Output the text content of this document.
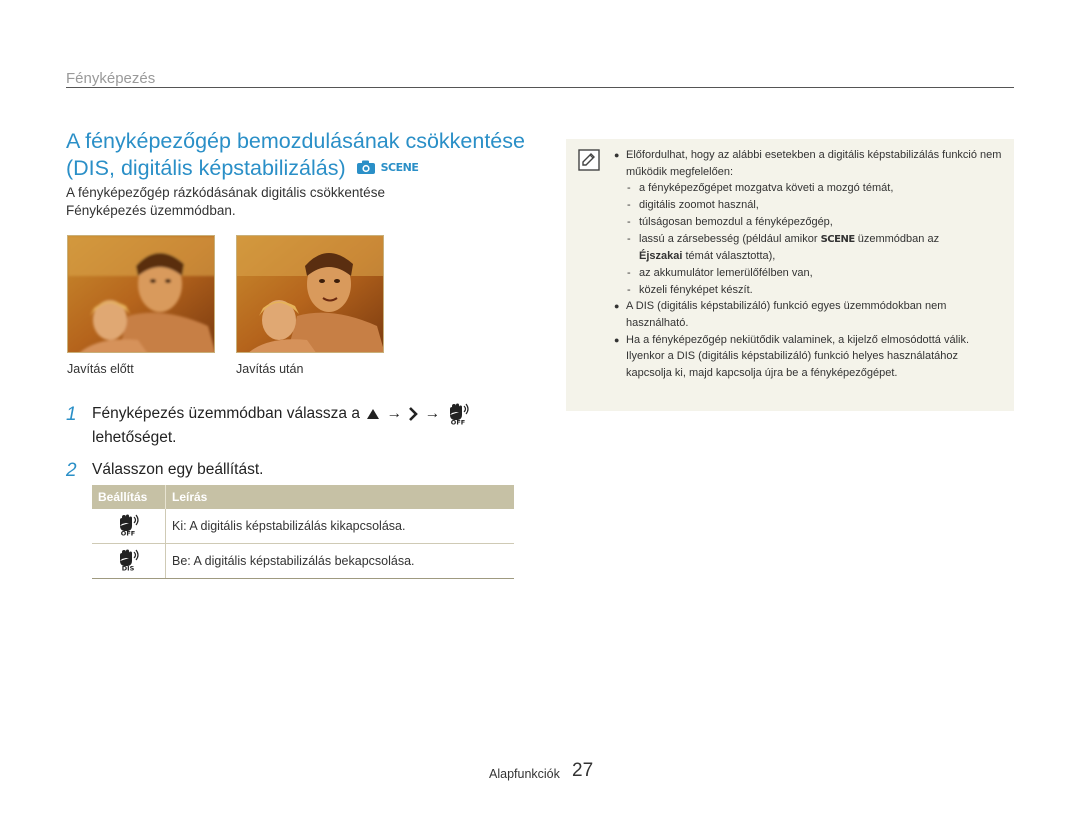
Fényképezés
A fényképezőgép bemozdulásának csökkentése
(DIS, digitális képstabilizálás)	SCENE
A fényképezőgép rázkódásának digitális csökkentése Fényképezés üzemmódban.
Javítás előtt	Javítás után
1 Fényképezés üzemmódban válassza a → →
OFF

lehetőséget.
2 Válasszon egy beállítást.
Beállítás	Leírás

OFF	Ki: A digitális képstabilizálás kikapcsolása.

DIS	Be: A digitális képstabilizálás bekapcsolása.
● Előfordulhat, hogy az alábbi esetekben a digitális képstabilizálás funkció nem működik megfelelően:
- a fényképezőgépet mozgatva követi a mozgó témát,
- digitális zoomot használ,
- túlságosan bemozdul a fényképezőgép,
- lassú a zársebesség (például amikor SCENE üzemmódban az
Éjszakai témát választotta),
- az akkumulátor lemerülőfélben van,
- közeli fényképet készít.
● A DIS (digitális képstabilizáló) funkció egyes üzemmódokban nem használható.
● Ha a fényképezőgép nekiütődik valaminek, a kijelző elmosódottá válik. Ilyenkor a DIS (digitális képstabilizáló) funkció helyes használatához kapcsolja ki, majd kapcsolja újra be a fényképezőgépet.
Alapfunkciók 27
